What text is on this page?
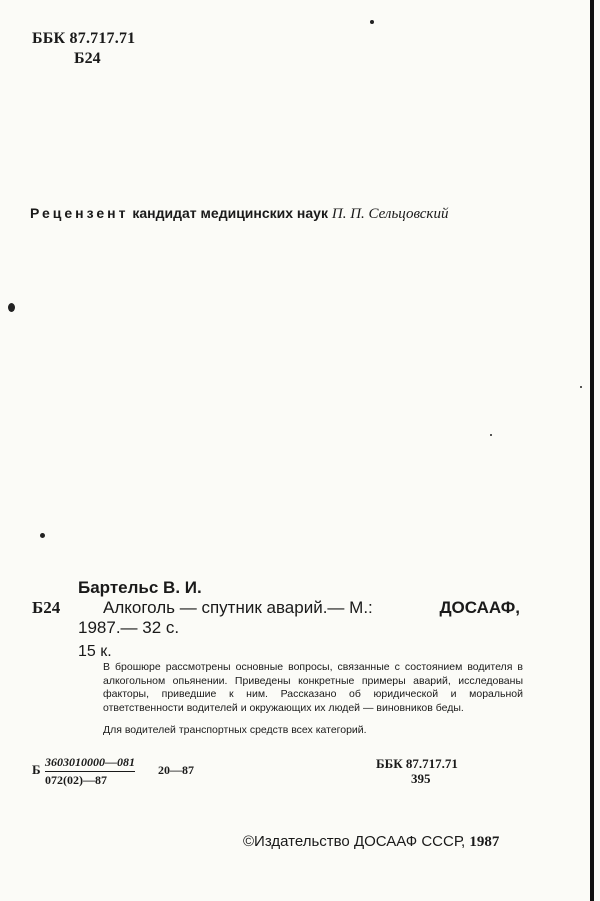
ББК 87.717.71
Б24
Рецензент кандидат медицинских наук П. П. Сельцовский
Бартельс В. И.
Б24	Алкоголь — спутник аварий.— М.:	ДОСААФ,
1987.— 32 с.
15 к.
В брошюре рассмотрены основные вопросы, связанные с состоянием водителя в алкогольном опьянении. Приведены конкретные примеры аварий, исследованы факторы, приведшие к ним. Рассказано об юридической и моральной ответственности водителей и окружающих их людей — виновников беды.
Для водителей транспортных средств всех категорий.
Б $\frac{3603010000—081}{072(02)—87}$ 20—87	ББК 87.717.71
395
©Издательство ДОСААФ СССР, 1987
